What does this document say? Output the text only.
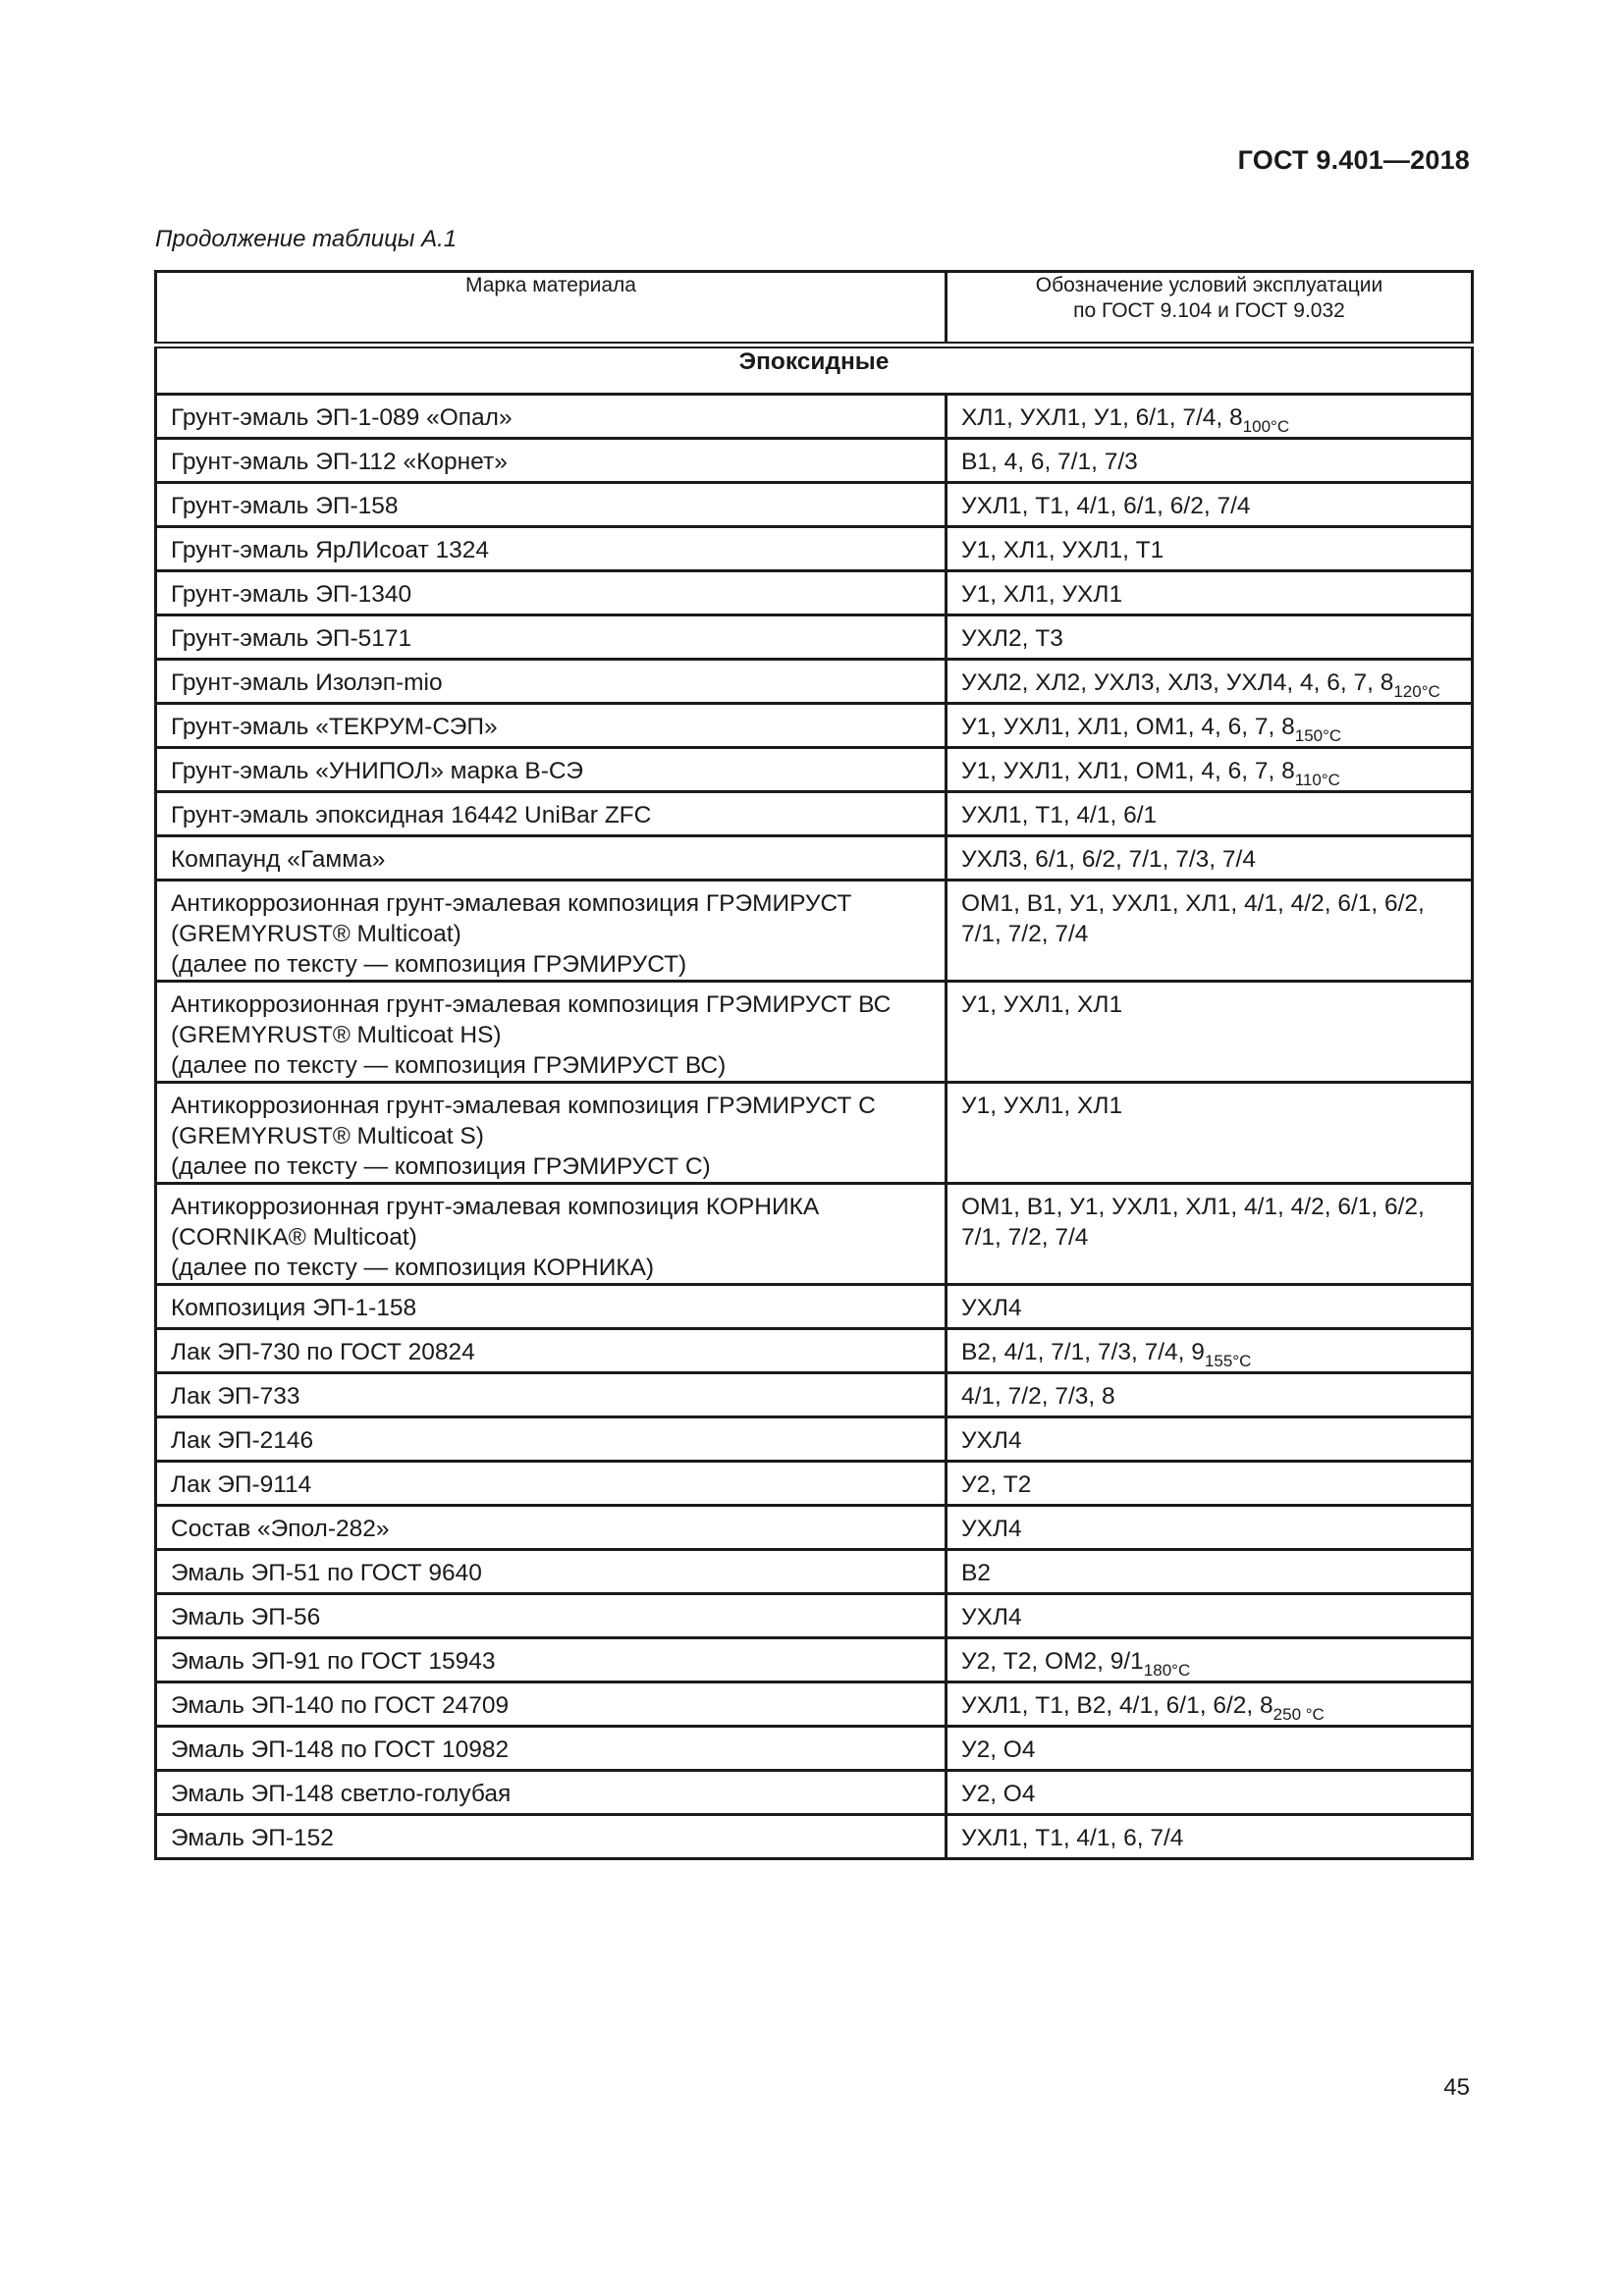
ГОСТ 9.401—2018
Продолжение таблицы А.1
Марка материала	Обозначение условий эксплуатации
по ГОСТ 9.104 и ГОСТ 9.032

Эпоксидные	

Грунт-эмаль ЭП-1-089 «Опал»	ХЛ1, УХЛ1, У1, 6/1, 7/4, $8_{100^\circ C}$

Грунт-эмаль ЭП-112 «Корнет»	В1, 4, 6, 7/1, 7/3

Грунт-эмаль ЭП-158	УХЛ1, Т1, 4/1, 6/1, 6/2, 7/4

Грунт-эмаль ЯрЛИсоат 1324	У1, ХЛ1, УХЛ1, Т1

Грунт-эмаль ЭП-1340	У1, ХЛ1, УХЛ1

Грунт-эмаль ЭП-5171	УХЛ2, Т3

Грунт-эмаль Изолэп-mio	УХЛ2, ХЛ2, УХЛ3, ХЛ3, УХЛ4, 4, 6, 7, $8_{120^\circ C}$

Грунт-эмаль «ТЕКРУМ-СЭП»	У1, УХЛ1, ХЛ1, ОМ1, 4, 6, 7, $8_{150^\circ C}$

Грунт-эмаль «УНИПОЛ» марка В-СЭ	У1, УХЛ1, ХЛ1, ОМ1, 4, 6, 7, $8_{110^\circ C}$

Грунт-эмаль эпоксидная 16442 UniBar ZFC	УХЛ1, Т1, 4/1, 6/1

Компаунд «Гамма»	УХЛ3, 6/1, 6/2, 7/1, 7/3, 7/4

Антикоррозионная грунт-эмалевая композиция ГРЭМИРУСТ
(GREMYRUST® Multicoat)
(далее по тексту — композиция ГРЭМИРУСТ)	ОМ1, В1, У1, УХЛ1, ХЛ1, 4/1, 4/2, 6/1, 6/2,
7/1, 7/2, 7/4

Антикоррозионная грунт-эмалевая композиция ГРЭМИРУСТ ВС
(GREMYRUST® Multicoat HS)
(далее по тексту — композиция ГРЭМИРУСТ ВС)	У1, УХЛ1, ХЛ1

Антикоррозионная грунт-эмалевая композиция ГРЭМИРУСТ С
(GREMYRUST® Multicoat S)
(далее по тексту — композиция ГРЭМИРУСТ С)	У1, УХЛ1, ХЛ1

Антикоррозионная грунт-эмалевая композиция КОРНИКА
(CORNIKA® Multicoat)
(далее по тексту — композиция КОРНИКА)	ОМ1, В1, У1, УХЛ1, ХЛ1, 4/1, 4/2, 6/1, 6/2,
7/1, 7/2, 7/4

Композиция ЭП-1-158	УХЛ4

Лак ЭП-730 по ГОСТ 20824	В2, 4/1, 7/1, 7/3, 7/4, $9_{155^\circ C}$

Лак ЭП-733	4/1, 7/2, 7/3, 8

Лак ЭП-2146	УХЛ4

Лак ЭП-9114	У2, Т2

Состав «Эпол-282»	УХЛ4

Эмаль ЭП-51 по ГОСТ 9640	В2

Эмаль ЭП-56	УХЛ4

Эмаль ЭП-91 по ГОСТ 15943	У2, Т2, ОМ2, $9/1_{180^\circ C}$

Эмаль ЭП-140 по ГОСТ 24709	УХЛ1, Т1, В2, 4/1, 6/1, 6/2, $8_{250 ^\circ C}$

Эмаль ЭП-148 по ГОСТ 10982	У2, О4

Эмаль ЭП-148 светло-голубая	У2, О4

Эмаль ЭП-152	УХЛ1, Т1, 4/1, 6, 7/4
45
